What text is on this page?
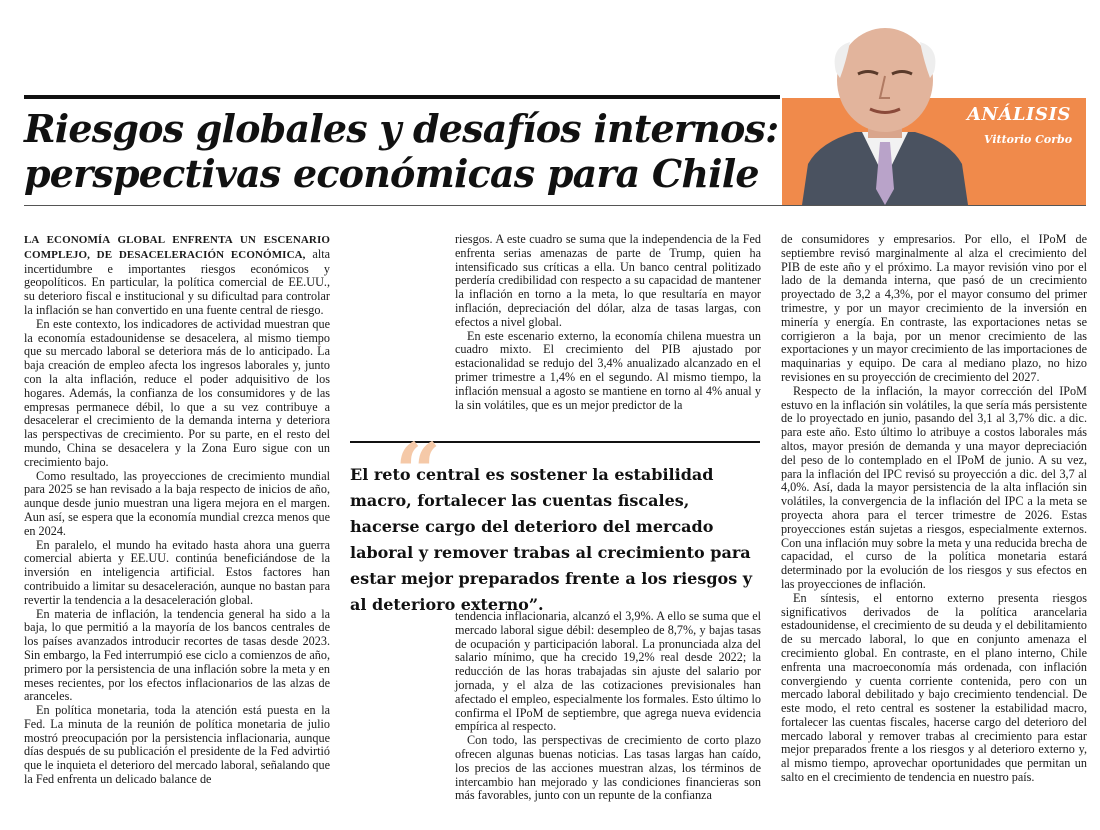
Riesgos globales y desafíos internos: perspectivas económicas para Chile
ANÁLISIS
Vittorio Corbo

LA ECONOMÍA GLOBAL ENFRENTA UN ESCENARIO COMPLEJO, DE DESACELERACIÓN ECONÓMICA, alta incertidumbre e importantes riesgos económicos y geopolíticos. En particular, la política comercial de EE.UU., su deterioro fiscal e institucional y su dificultad para controlar la inflación se han convertido en una fuente central de riesgo.

En este contexto, los indicadores de actividad muestran que la economía estadounidense se desacelera, al mismo tiempo que su mercado laboral se deteriora más de lo anticipado. La baja creación de empleo afecta los ingresos laborales y, junto con la alta inflación, reduce el poder adquisitivo de los hogares. Además, la confianza de los consumidores y de las empresas permanece débil, lo que a su vez contribuye a desacelerar el crecimiento de la demanda interna y deteriora las perspectivas de crecimiento. Por su parte, en el resto del mundo, China se desacelera y la Zona Euro sigue con un crecimiento bajo.

Como resultado, las proyecciones de crecimiento mundial para 2025 se han revisado a la baja respecto de inicios de año, aunque desde junio muestran una ligera mejora en el margen. Aun así, se espera que la economía mundial crezca menos que en 2024.

En paralelo, el mundo ha evitado hasta ahora una guerra comercial abierta y EE.UU. continúa beneficiándose de la inversión en inteligencia artificial. Estos factores han contribuido a limitar su desaceleración, aunque no bastan para revertir la tendencia a la desaceleración global.

En materia de inflación, la tendencia general ha sido a la baja, lo que permitió a la mayoría de los bancos centrales de los países avanzados introducir recortes de tasas desde 2023. Sin embargo, la Fed interrumpió ese ciclo a comienzos de año, primero por la persistencia de una inflación sobre la meta y en meses recientes, por los efectos inflacionarios de las alzas de aranceles.

En política monetaria, toda la atención está puesta en la Fed. La minuta de la reunión de política monetaria de julio mostró preocupación por la persistencia inflacionaria, aunque días después de su publicación el presidente de la Fed advirtió que le inquieta el deterioro del mercado laboral, señalando que la Fed enfrenta un delicado balance de

riesgos. A este cuadro se suma que la independencia de la Fed enfrenta serias amenazas de parte de Trump, quien ha intensificado sus críticas a ella. Un banco central politizado perdería credibilidad con respecto a su capacidad de mantener la inflación en torno a la meta, lo que resultaría en mayor inflación, depreciación del dólar, alza de tasas largas, con efectos a nivel global.

En este escenario externo, la economía chilena muestra un cuadro mixto. El crecimiento del PIB ajustado por estacionalidad se redujo del 3,4% anualizado alcanzado en el primer trimestre a 1,4% en el segundo. Al mismo tiempo, la inflación mensual a agosto se mantiene en torno al 4% anual y la sin volátiles, que es un mejor predictor de la

“
El reto central es sostener la estabilidad macro, fortalecer las cuentas fiscales, hacerse cargo del deterioro del mercado laboral y remover trabas al crecimiento para estar mejor preparados frente a los riesgos y al deterioro externo”.

tendencia inflacionaria, alcanzó el 3,9%. A ello se suma que el mercado laboral sigue débil: desempleo de 8,7%, y bajas tasas de ocupación y participación laboral. La pronunciada alza del salario mínimo, que ha crecido 19,2% real desde 2022; la reducción de las horas trabajadas sin ajuste del salario por jornada, y el alza de las cotizaciones previsionales han afectado el empleo, especialmente los formales. Esto último lo confirma el IPoM de septiembre, que agrega nueva evidencia empírica al respecto.

Con todo, las perspectivas de crecimiento de corto plazo ofrecen algunas buenas noticias. Las tasas largas han caído, los precios de las acciones muestran alzas, los términos de intercambio han mejorado y las condiciones financieras son más favorables, junto con un repunte de la confianza

de consumidores y empresarios. Por ello, el IPoM de septiembre revisó marginalmente al alza el crecimiento del PIB de este año y el próximo. La mayor revisión vino por el lado de la demanda interna, que pasó de un crecimiento proyectado de 3,2 a 4,3%, por el mayor consumo del primer trimestre, y por un mayor crecimiento de la inversión en minería y energía. En contraste, las exportaciones netas se corrigieron a la baja, por un menor crecimiento de las exportaciones y un mayor crecimiento de las importaciones de maquinarias y equipo. De cara al mediano plazo, no hizo revisiones en su proyección de crecimiento del 2027.

Respecto de la inflación, la mayor corrección del IPoM estuvo en la inflación sin volátiles, la que sería más persistente de lo proyectado en junio, pasando del 3,1 al 3,7% dic. a dic. para este año. Esto último lo atribuye a costos laborales más altos, mayor presión de demanda y una mayor depreciación del peso de lo contemplado en el IPoM de junio. A su vez, para la inflación del IPC revisó su proyección a dic. del 3,7 al 4,0%. Así, dada la mayor persistencia de la alta inflación sin volátiles, la convergencia de la inflación del IPC a la meta se proyecta ahora para el tercer trimestre de 2026. Estas proyecciones están sujetas a riesgos, especialmente externos. Con una inflación muy sobre la meta y una reducida brecha de capacidad, el curso de la política monetaria estará determinado por la evolución de los riesgos y sus efectos en las proyecciones de inflación.

En síntesis, el entorno externo presenta riesgos significativos derivados de la política arancelaria estadounidense, el crecimiento de su deuda y el debilitamiento de su mercado laboral, lo que en conjunto amenaza el crecimiento global. En contraste, en el plano interno, Chile enfrenta una macroeconomía más ordenada, con inflación convergiendo y cuenta corriente contenida, pero con un mercado laboral debilitado y bajo crecimiento tendencial. De este modo, el reto central es sostener la estabilidad macro, fortalecer las cuentas fiscales, hacerse cargo del deterioro del mercado laboral y remover trabas al crecimiento para estar mejor preparados frente a los riesgos y al deterioro externo y, al mismo tiempo, aprovechar oportunidades que permitan un salto en el crecimiento de tendencia en nuestro país.
